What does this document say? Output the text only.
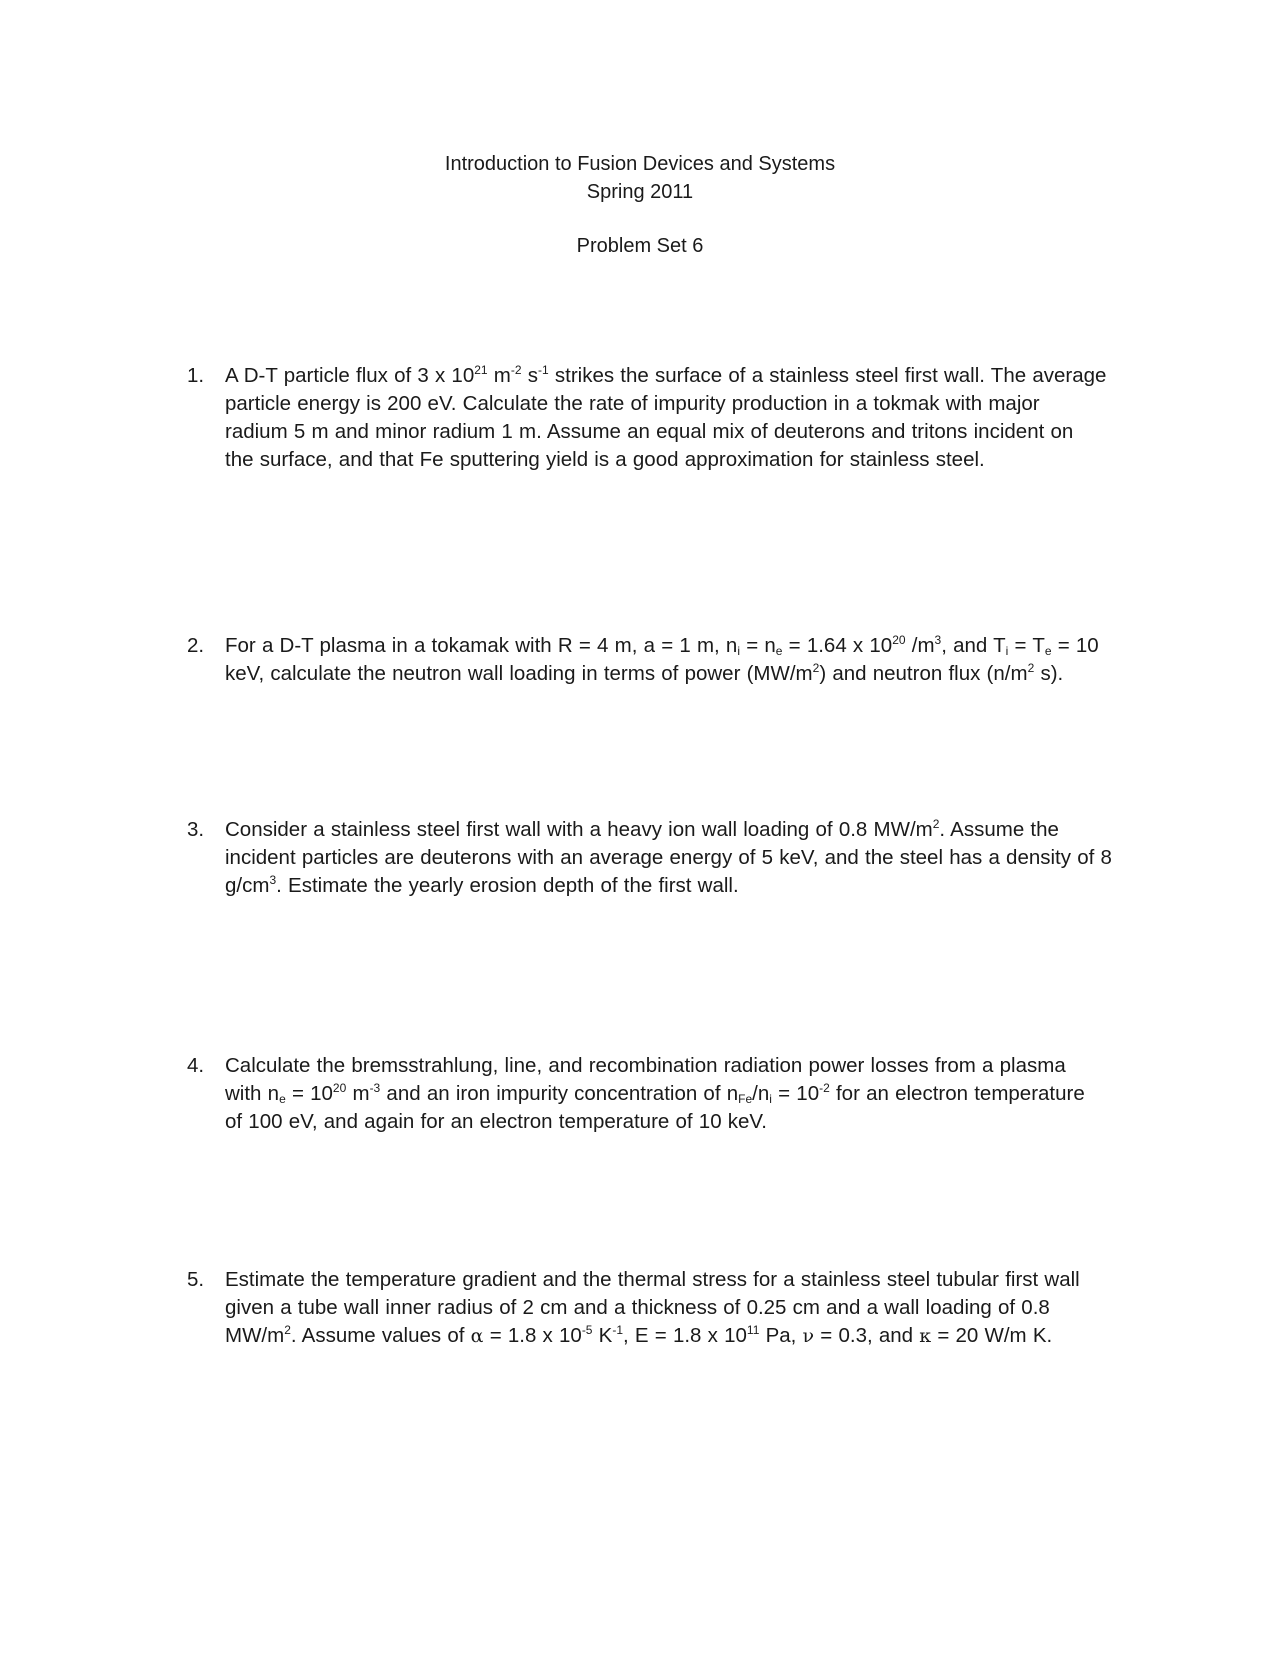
Introduction to Fusion Devices and Systems
Spring 2011
Problem Set 6
1. A D-T particle flux of 3 x $10^{21}$ $m^{-2}$ $s^{-1}$ strikes the surface of a stainless steel first wall. The average
particle energy is 200 eV. Calculate the rate of impurity production in a tokmak with major
radium 5 m and minor radium 1 m. Assume an equal mix of deuterons and tritons incident on
the surface, and that Fe sputtering yield is a good approximation for stainless steel.
2. For a D-T plasma in a tokamak with R = 4 m, a = 1 m, $n_i = n_e = 1.64$ x $10^{20}$ $/m^3$, and $T_i = T_e = 10$
keV, calculate the neutron wall loading in terms of power $(MW/m^2)$ and neutron flux ($n/m^2$ s).
3. Consider a stainless steel first wall with a heavy ion wall loading of 0.8 $MW/m^2$. Assume the
incident particles are deuterons with an average energy of 5 keV, and the steel has a density of 8
$g/cm^3$. Estimate the yearly erosion depth of the first wall.
4. Calculate the bremsstrahlung, line, and recombination radiation power losses from a plasma
with $n_e = 10^{20}$ $m^{-3}$ and an iron impurity concentration of $n_{Fe}/n_i = 10^{-2}$ for an electron temperature
of 100 eV, and again for an electron temperature of 10 keV.
5. Estimate the temperature gradient and the thermal stress for a stainless steel tubular first wall
given a tube wall inner radius of 2 cm and a thickness of 0.25 cm and a wall loading of 0.8
$MW/m^2$. Assume values of α = 1.8 x $10^{-5}$ $K^{-1}$, E = 1.8 x $10^{11}$ Pa, ν = 0.3, and κ = 20 W/m K.
